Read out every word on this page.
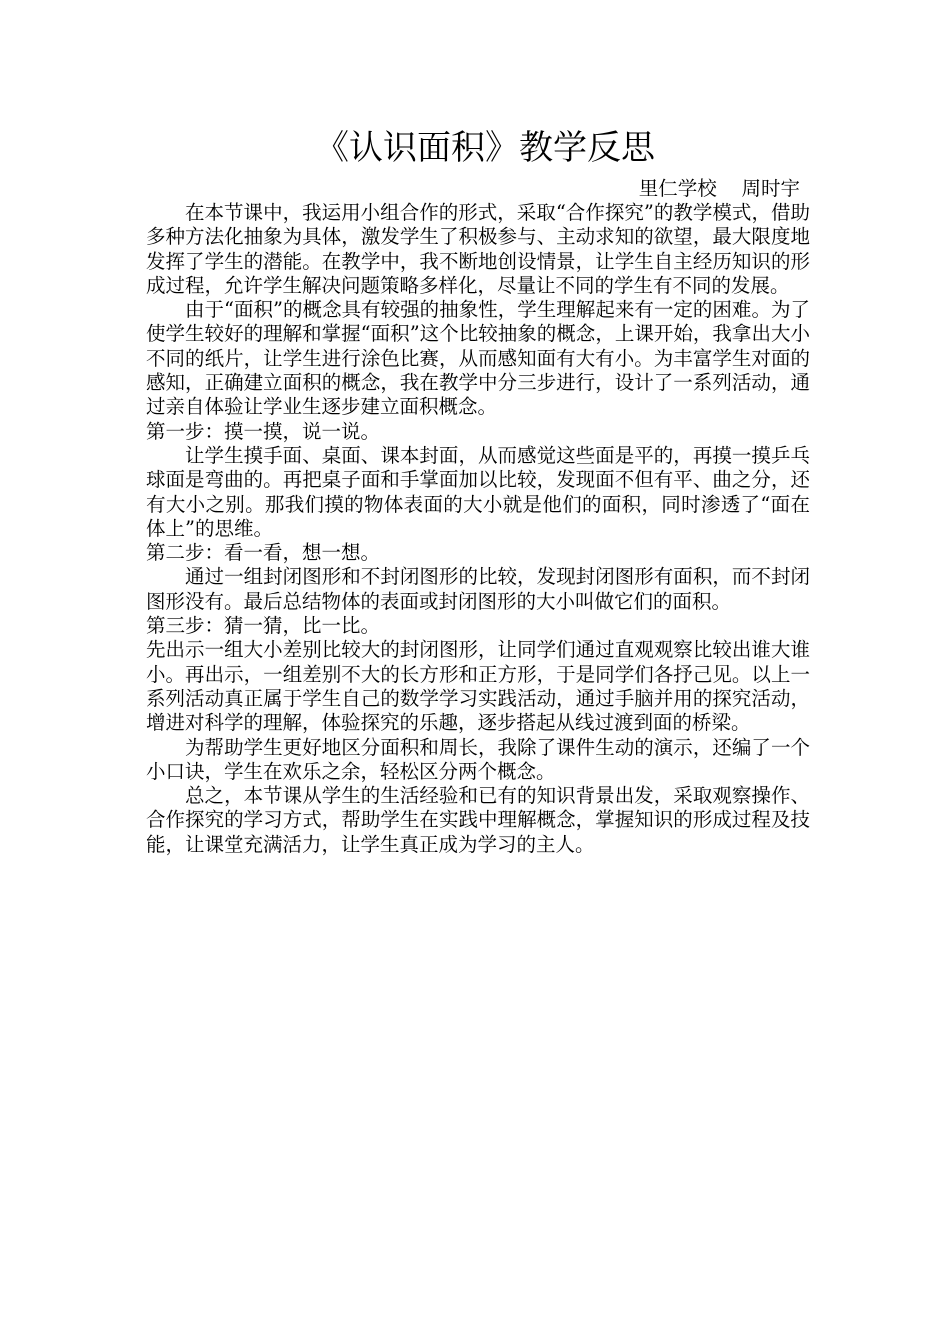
《认识面积》教学反思
里仁学校    周时宇

在本节课中，我运用小组合作的形式，采取“合作探究”的教学模式，借助多种方法化抽象为具体，激发学生了积极参与、主动求知的欲望，最大限度地发挥了学生的潜能。在教学中，我不断地创设情景，让学生自主经历知识的形成过程，允许学生解决问题策略多样化，尽量让不同的学生有不同的发展。

由于“面积”的概念具有较强的抽象性，学生理解起来有一定的困难。为了使学生较好的理解和掌握“面积”这个比较抽象的概念，上课开始，我拿出大小不同的纸片，让学生进行涂色比赛，从而感知面有大有小。为丰富学生对面的感知，正确建立面积的概念，我在教学中分三步进行，设计了一系列活动，通过亲自体验让学业生逐步建立面积概念。

第一步：摸一摸，说一说。

让学生摸手面、桌面、课本封面，从而感觉这些面是平的，再摸一摸乒乓球面是弯曲的。再把桌子面和手掌面加以比较，发现面不但有平、曲之分，还有大小之别。那我们摸的物体表面的大小就是他们的面积，同时渗透了“面在体上”的思维。

第二步：看一看，想一想。

通过一组封闭图形和不封闭图形的比较，发现封闭图形有面积，而不封闭图形没有。最后总结物体的表面或封闭图形的大小叫做它们的面积。

第三步：猜一猜，比一比。

先出示一组大小差别比较大的封闭图形，让同学们通过直观观察比较出谁大谁小。再出示，一组差别不大的长方形和正方形，于是同学们各抒己见。以上一系列活动真正属于学生自己的数学学习实践活动，通过手脑并用的探究活动，增进对科学的理解，体验探究的乐趣，逐步搭起从线过渡到面的桥梁。

为帮助学生更好地区分面积和周长，我除了课件生动的演示，还编了一个小口诀，学生在欢乐之余，轻松区分两个概念。

总之，本节课从学生的生活经验和已有的知识背景出发，采取观察操作、合作探究的学习方式，帮助学生在实践中理解概念，掌握知识的形成过程及技能，让课堂充满活力，让学生真正成为学习的主人。
